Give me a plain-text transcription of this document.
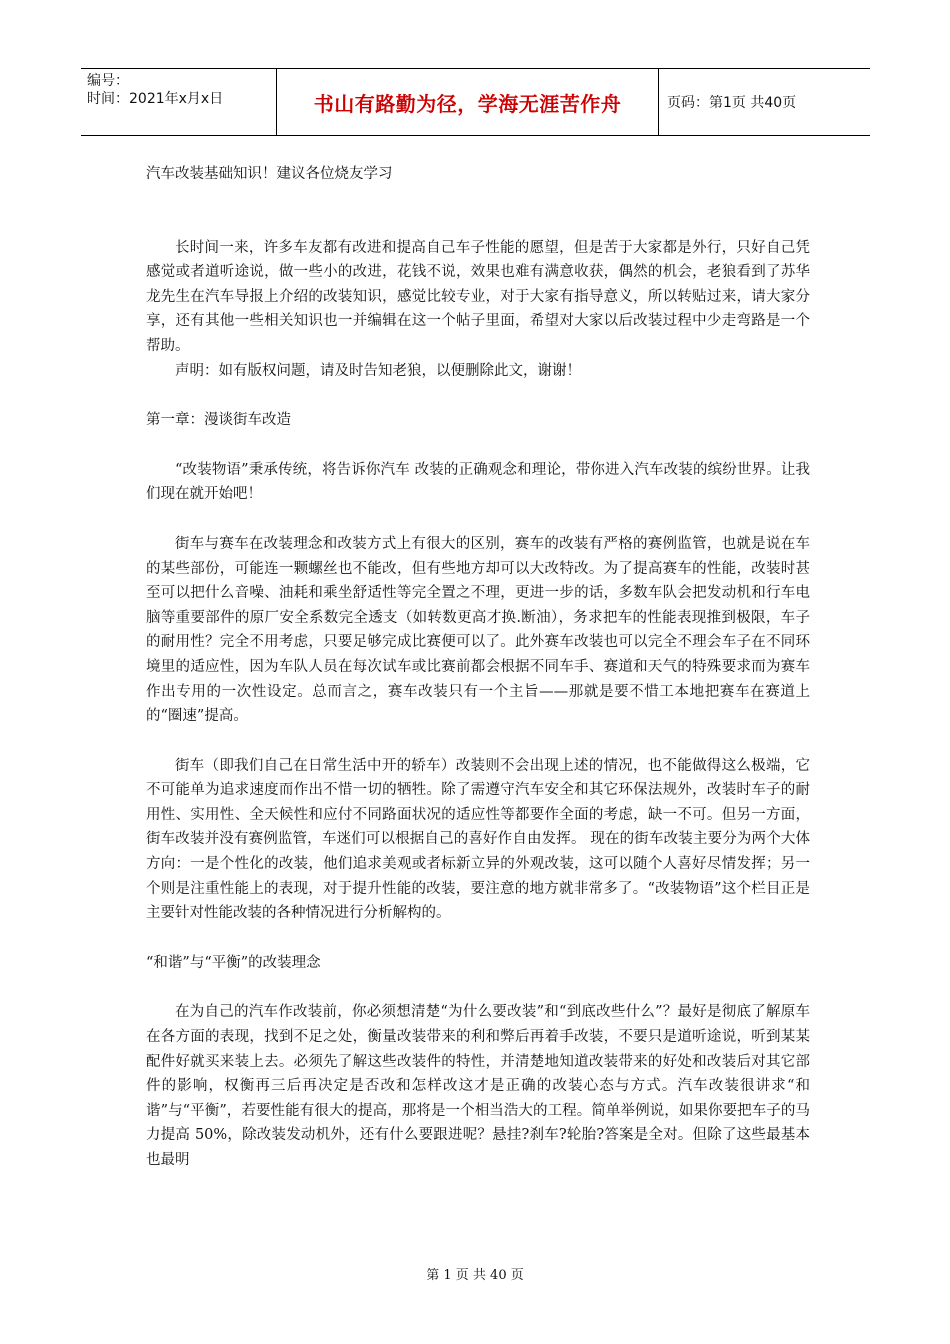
编号：
时间：2021年x月x日	书山有路勤为径，学海无涯苦作舟	页码：第1页 共40页

汽车改装基础知识！建议各位烧友学习

长时间一来，许多车友都有改进和提高自己车子性能的愿望，但是苦于大家都是外行，只好自己凭感觉或者道听途说，做一些小的改进，花钱不说，效果也难有满意收获，偶然的机会，老狼看到了苏华龙先生在汽车导报上介绍的改装知识，感觉比较专业，对于大家有指导意义，所以转贴过来，请大家分享，还有其他一些相关知识也一并编辑在这一个帖子里面，希望对大家以后改装过程中少走弯路是一个帮助。

声明：如有版权问题，请及时告知老狼，以便删除此文，谢谢！

第一章：漫谈街车改造

“改装物语”秉承传统，将告诉你汽车 改装的正确观念和理论，带你进入汽车改装的缤纷世界。让我们现在就开始吧！

街车与赛车在改装理念和改装方式上有很大的区别，赛车的改装有严格的赛例监管，也就是说在车的某些部份，可能连一颗螺丝也不能改，但有些地方却可以大改特改。为了提高赛车的性能，改装时甚至可以把什么音噪、油耗和乘坐舒适性等完全置之不理，更进一步的话，多数车队会把发动机和行车电脑等重要部件的原厂安全系数完全透支（如转数更高才换.断油），务求把车的性能表现推到极限，车子的耐用性？完全不用考虑，只要足够完成比赛便可以了。此外赛车改装也可以完全不理会车子在不同环境里的适应性，因为车队人员在每次试车或比赛前都会根据不同车手、赛道和天气的特殊要求而为赛车作出专用的一次性设定。总而言之，赛车改装只有一个主旨——那就是要不惜工本地把赛车在赛道上的“圈速”提高。

街车（即我们自己在日常生活中开的轿车）改装则不会出现上述的情况，也不能做得这么极端，它不可能单为追求速度而作出不惜一切的牺牲。除了需遵守汽车安全和其它环保法规外，改装时车子的耐用性、实用性、全天候性和应付不同路面状况的适应性等都要作全面的考虑，缺一不可。但另一方面，街车改装并没有赛例监管，车迷们可以根据自己的喜好作自由发挥。 现在的街车改装主要分为两个大体方向：一是个性化的改装，他们追求美观或者标新立异的外观改装，这可以随个人喜好尽情发挥；另一个则是注重性能上的表现，对于提升性能的改装，要注意的地方就非常多了。“改装物语”这个栏目正是主要针对性能改装的各种情况进行分析解构的。

“和谐”与“平衡”的改装理念

在为自己的汽车作改装前，你必须想清楚“为什么要改装”和“到底改些什么”？最好是彻底了解原车在各方面的表现，找到不足之处，衡量改装带来的利和弊后再着手改装，不要只是道听途说，听到某某配件好就买来装上去。必须先了解这些改装件的特性，并清楚地知道改装带来的好处和改装后对其它部件的影响，权衡再三后再决定是否改和怎样改这才是正确的改装心态与方式。汽车改装很讲求“和谐”与“平衡”，若要性能有很大的提高，那将是一个相当浩大的工程。简单举例说，如果你要把车子的马力提高 50%，除改装发动机外，还有什么要跟进呢？悬挂?刹车?轮胎?答案是全对。但除了这些最基本也最明

第 1 页 共 40 页
